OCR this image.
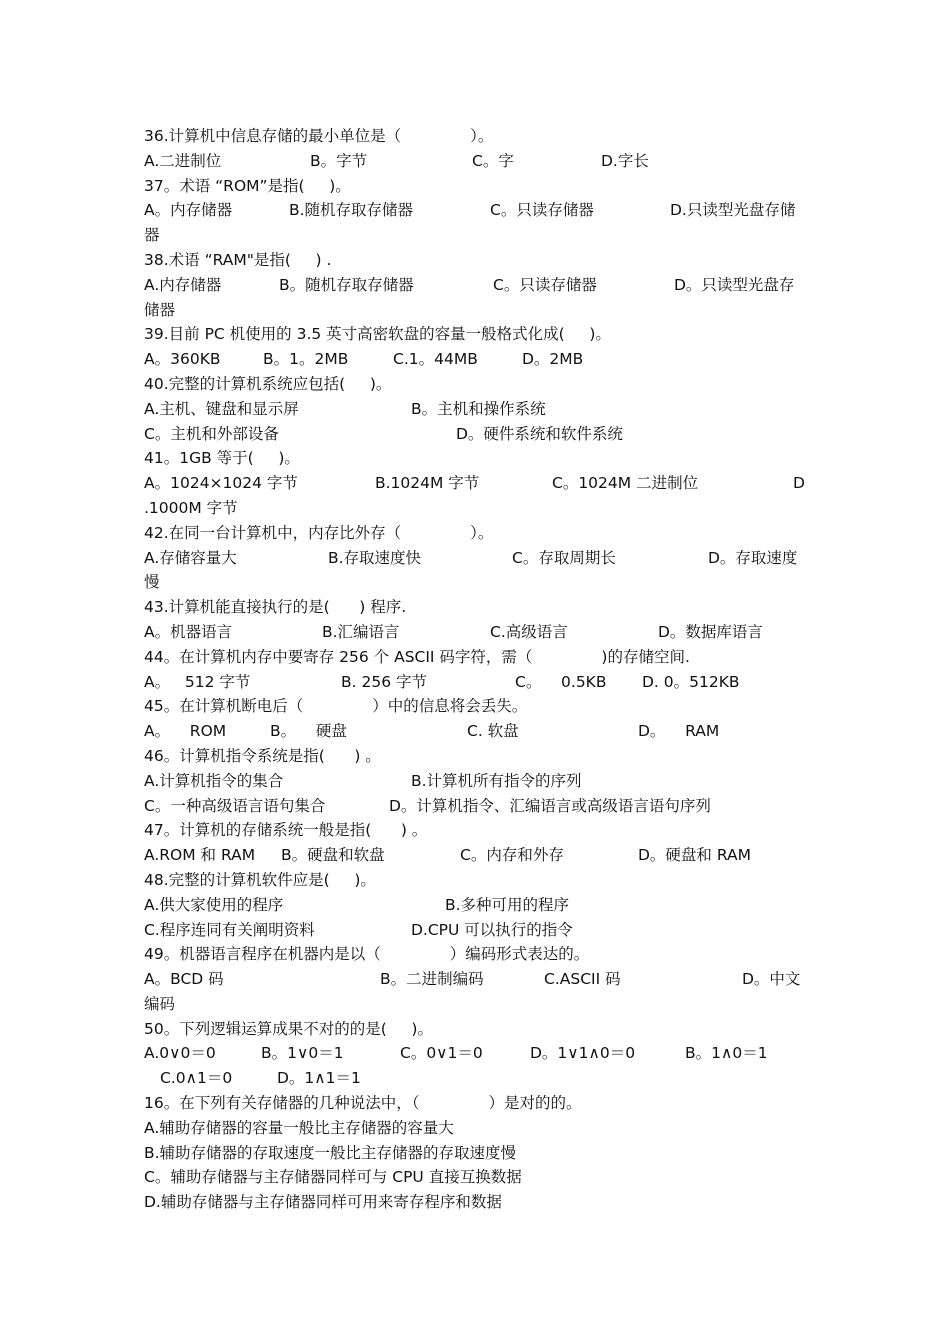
36.计算机中信息存储的最小单位是（              ）。

A.二进制位

	B。字节

	C。字

	D.字长

37。术语 “ROM”是指(     )。

A。内存储器

	B.随机存取存储器

	C。只读存储器

	D.只读型光盘存储

器
38.术语 “RAM"是指(     ) .

A.内存储器

	B。随机存取存储器

	C。只读存储器

	D。只读型光盘存

储器
39.目前 PC 机使用的 3.5 英寸高密软盘的容量一般格式化成(     )。

A。360KB

	B。1。2MB

	C.1。44MB

	D。2MB

40.完整的计算机系统应包括(     )。

A.主机、键盘和显示屏

	B。主机和操作系统

C。主机和外部设备

	D。硬件系统和软件系统

41。1GB 等于(     )。

A。1024×1024 字节

	B.1024M 字节

	C。1024M 二进制位

	D

.1000M 字节
42.在同一台计算机中，内存比外存（              ）。

A.存储容量大

	B.存取速度快

	C。存取周期长

	D。存取速度

慢
43.计算机能直接执行的是(      ) 程序.

A。机器语言

	B.汇编语言

	C.高级语言

	D。数据库语言

44。在计算机内存中要寄存 256 个 ASCII 码字符，需（              )的存储空间.

A。   512 字节

	B. 256 字节

	C。    0.5KB

D. 0。512KB

45。在计算机断电后（              ）中的信息将会丢失。

A。    ROM

	B。    硬盘

	C. 软盘

	D。    RAM

46。计算机指令系统是指(      ) 。

A.计算机指令的集合

	B.计算机所有指令的序列

C。一种高级语言语句集合

	D。计算机指令、汇编语言或高级语言语句序列

47。计算机的存储系统一般是指(      ) 。

A.ROM 和 RAM

B。硬盘和软盘

	C。内存和外存

	D。硬盘和 RAM

48.完整的计算机软件应是(     )。

A.供大家使用的程序

	B.多种可用的程序

C.程序连同有关阐明资料

	D.CPU 可以执行的指令

49。机器语言程序在机器内是以（              ）编码形式表达的。

A。BCD 码

	B。二进制编码

	C.ASCII 码

	D。中文

编码
50。下列逻辑运算成果不对的的是(     )。

A.0∨0＝0

	B。1∨0＝1

	C。0∨1＝0

	D。1∨1∧0＝0

	B。1∧0＝1

C.0∧1＝0

	D。1∧1＝1

16。在下列有关存储器的几种说法中，（              ）是对的的。
A.辅助存储器的容量一般比主存储器的容量大
B.辅助存储器的存取速度一般比主存储器的存取速度慢
C。辅助存储器与主存储器同样可与 CPU 直接互换数据
D.辅助存储器与主存储器同样可用来寄存程序和数据
